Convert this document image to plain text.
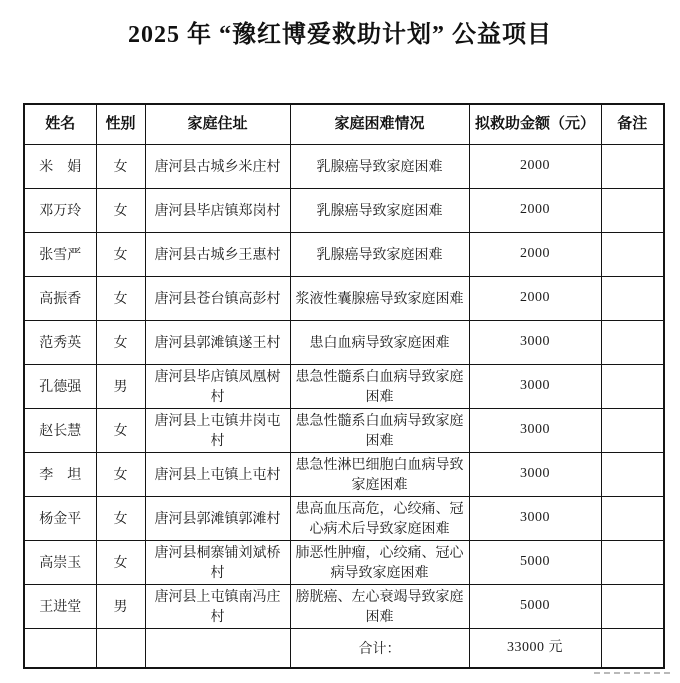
2025 年 “豫红博爱救助计划” 公益项目
姓名	性别	家庭住址	家庭困难情况	拟救助金额（元）	备注
米　娟	女	唐河县古城乡米庄村	乳腺癌导致家庭困难	2000	
邓万玲	女	唐河县毕店镇郑岗村	乳腺癌导致家庭困难	2000	
张雪严	女	唐河县古城乡王惠村	乳腺癌导致家庭困难	2000	
高振香	女	唐河县苍台镇高彭村	浆液性囊腺癌导致家庭困难	2000	
范秀英	女	唐河县郭滩镇遂王村	患白血病导致家庭困难	3000	
孔德强	男	唐河县毕店镇凤凰树村	患急性髓系白血病导致家庭困难	3000	
赵长慧	女	唐河县上屯镇井岗屯村	患急性髓系白血病导致家庭困难	3000	
李　坦	女	唐河县上屯镇上屯村	患急性淋巴细胞白血病导致家庭困难	3000	
杨金平	女	唐河县郭滩镇郭滩村	患高血压高危，心绞痛、冠心病术后导致家庭困难	3000	
高崇玉	女	唐河县桐寨铺刘斌桥村	肺恶性肿瘤，心绞痛、冠心病导致家庭困难	5000	
王进堂	男	唐河县上屯镇南冯庄村	膀胱癌、左心衰竭导致家庭困难	5000	
			合计：	33000 元	
